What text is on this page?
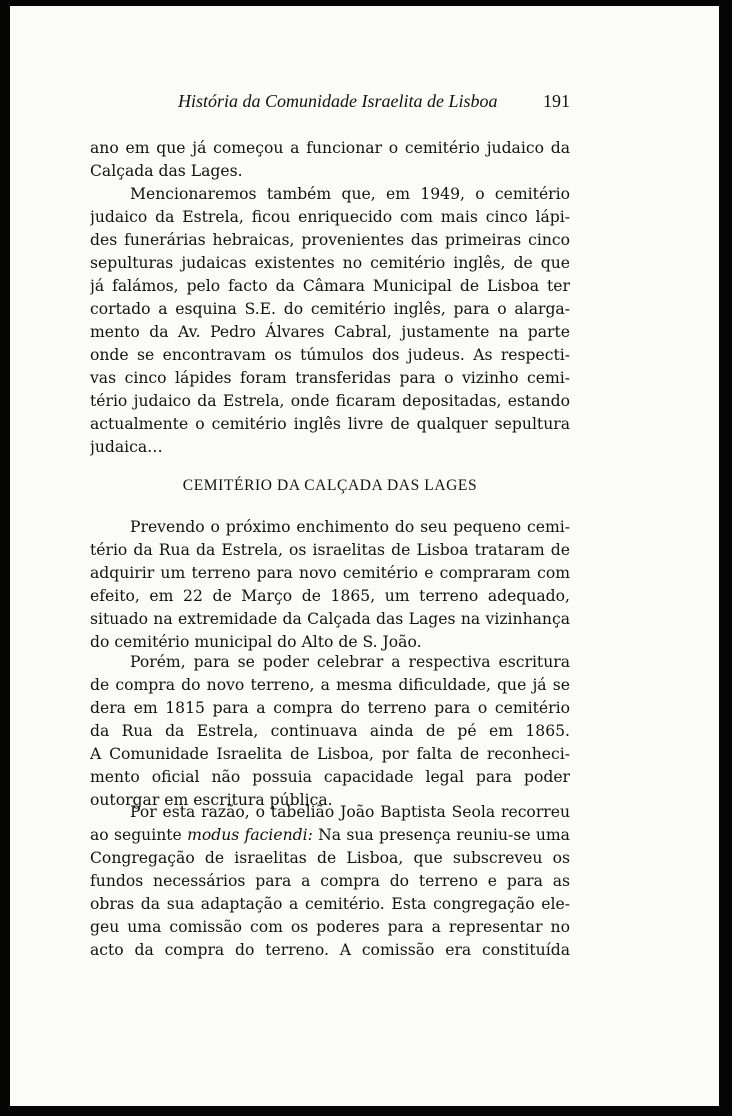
História da Comunidade Israelita de Lisboa	191
ano em que já começou a funcionar o cemitério judaico da
Calçada das Lages.
Mencionaremos também que, em 1949, o cemitério
judaico da Estrela, ficou enriquecido com mais cinco lápi-
des funerárias hebraicas, provenientes das primeiras cinco
sepulturas judaicas existentes no cemitério inglês, de que
já falámos, pelo facto da Câmara Municipal de Lisboa ter
cortado a esquina S.E. do cemitério inglês, para o alarga-
mento da Av. Pedro Álvares Cabral, justamente na parte
onde se encontravam os túmulos dos judeus. As respecti-
vas cinco lápides foram transferidas para o vizinho cemi-
tério judaico da Estrela, onde ficaram depositadas, estando
actualmente o cemitério inglês livre de qualquer sepultura
judaica…
CEMITÉRIO DA CALÇADA DAS LAGES
Prevendo o próximo enchimento do seu pequeno cemi-
tério da Rua da Estrela, os israelitas de Lisboa trataram de
adquirir um terreno para novo cemitério e compraram com
efeito, em 22 de Março de 1865, um terreno adequado,
situado na extremidade da Calçada das Lages na vizinhança
do cemitério municipal do Alto de S. João.
Porém, para se poder celebrar a respectiva escritura
de compra do novo terreno, a mesma dificuldade, que já se
dera em 1815 para a compra do terreno para o cemitério
da Rua da Estrela, continuava ainda de pé em 1865.
A Comunidade Israelita de Lisboa, por falta de reconheci-
mento oficial não possuia capacidade legal para poder
outorgar em escritura pública.
Por esta razão, o tabelião João Baptista Seola recorreu
ao seguinte modus faciendi: Na sua presença reuniu-se uma
Congregação de israelitas de Lisboa, que subscreveu os
fundos necessários para a compra do terreno e para as
obras da sua adaptação a cemitério. Esta congregação ele-
geu uma comissão com os poderes para a representar no
acto da compra do terreno. A comissão era constituída
